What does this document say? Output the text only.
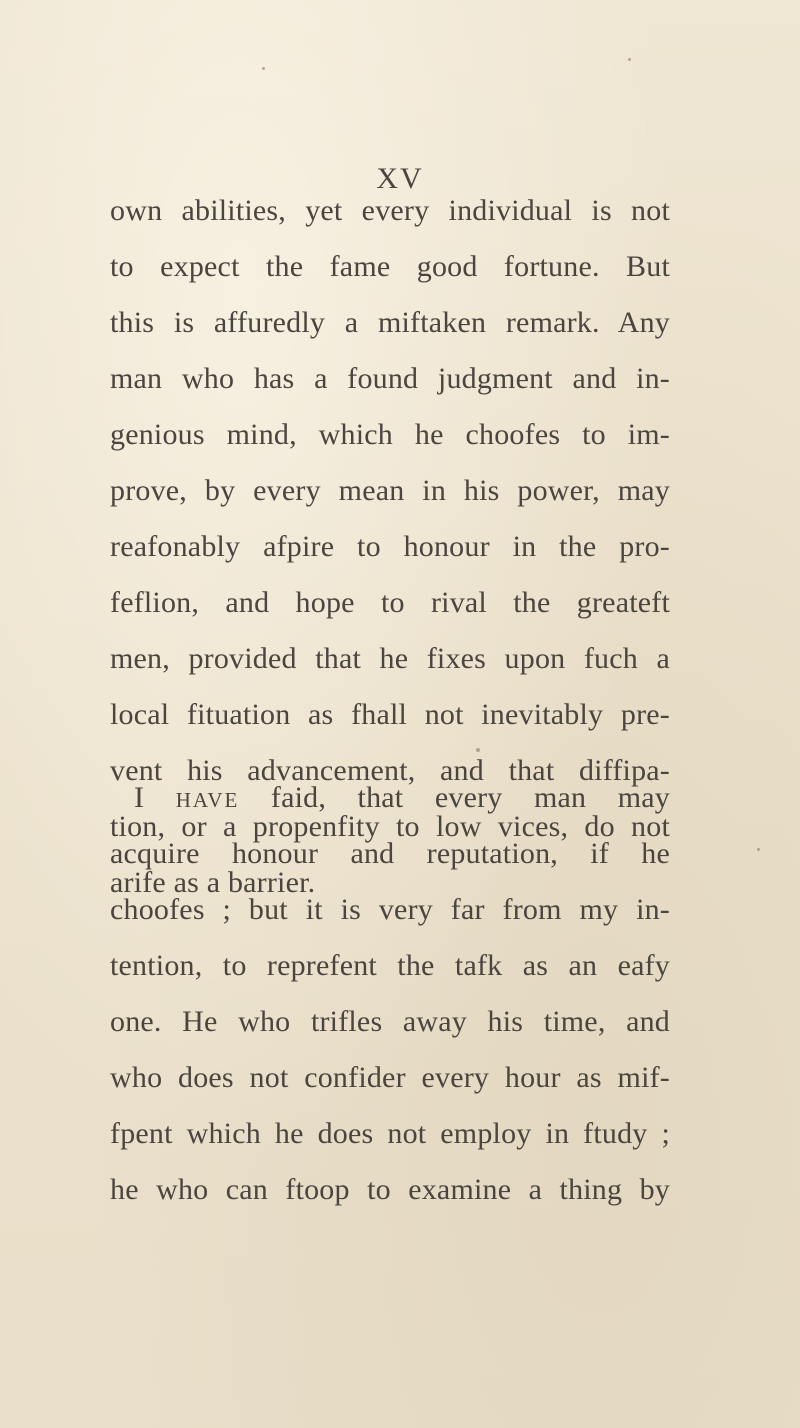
XV
own abilities, yet every individual is not
to expect the fame good fortune. But
this is affuredly a miftaken remark. Any
man who has a found judgment and in-
genious mind, which he choofes to im-
prove, by every mean in his power, may
reafonably afpire to honour in the pro-
feflion, and hope to rival the greateft
men, provided that he fixes upon fuch a
local fituation as fhall not inevitably pre-
vent his advancement, and that diffipa-
tion, or a propenfity to low vices, do not
arife as a barrier.
I have faid, that every man may
acquire honour and reputation, if he
choofes ; but it is very far from my in-
tention, to reprefent the tafk as an eafy
one. He who trifles away his time, and
who does not confider every hour as mif-
fpent which he does not employ in ftudy ;
he who can ftoop to examine a thing by
